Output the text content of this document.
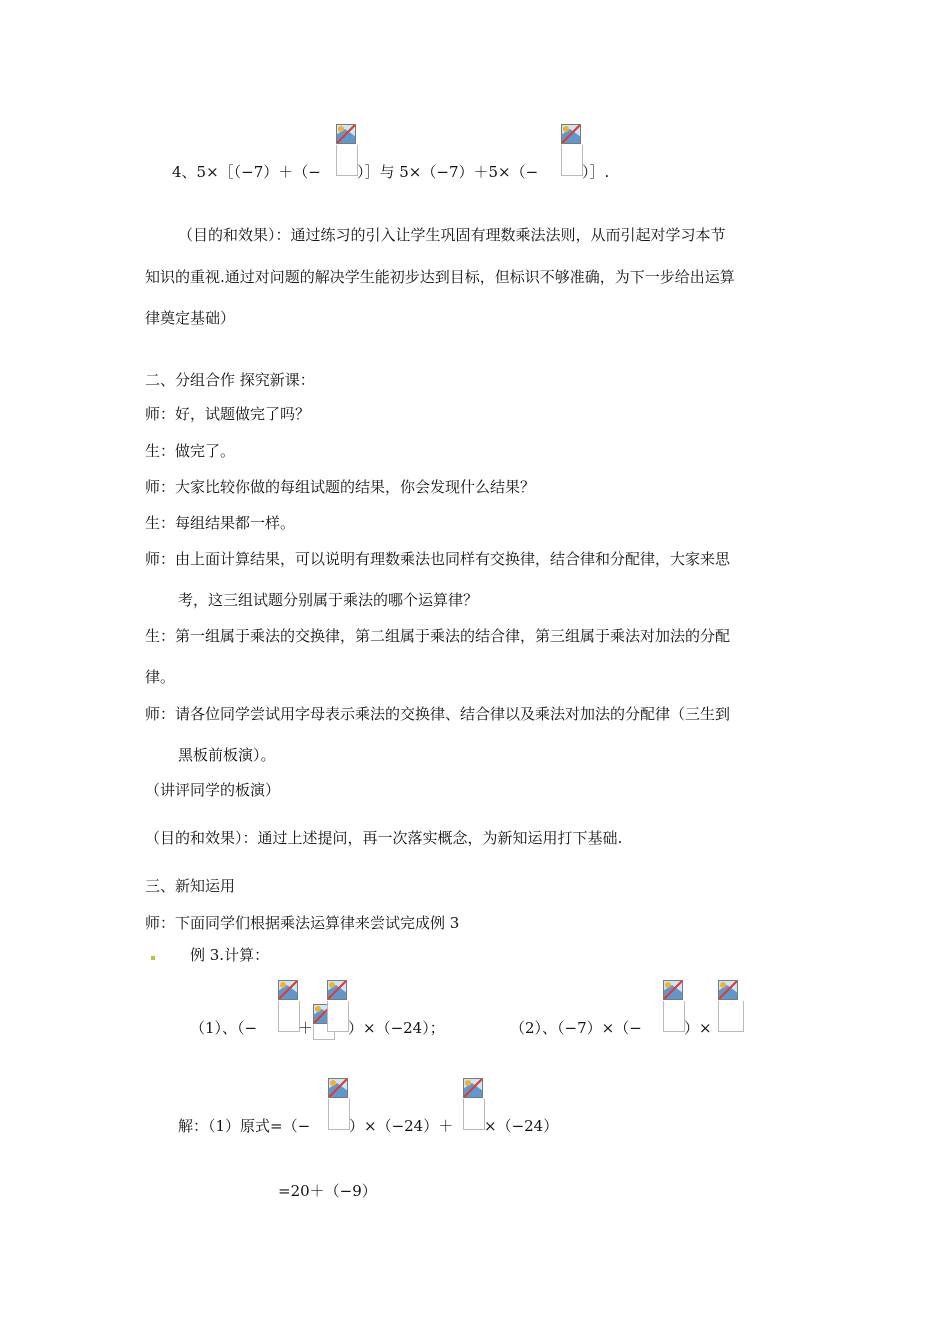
4、5×［（−7）＋（− ）］与 5×（−7）＋5×（−	）］.
（目的和效果）：通过练习的引入让学生巩固有理数乘法法则，从而引起对学习本节
知识的重视.通过对问题的解决学生能初步达到目标，但标识不够准确，为下一步给出运算
律奠定基础）
二、分组合作 探究新课：
师：好，试题做完了吗？
生：做完了。
师：大家比较你做的每组试题的结果，你会发现什么结果？
生：每组结果都一样。
师：由上面计算结果，可以说明有理数乘法也同样有交换律，结合律和分配律，大家来思
考，这三组试题分别属于乘法的哪个运算律？
生：第一组属于乘法的交换律，第二组属于乘法的结合律，第三组属于乘法对加法的分配
律。
师：请各位同学尝试用字母表示乘法的交换律、结合律以及乘法对加法的分配律（三生到
黑板前板演）。
（讲评同学的板演）
（目的和效果）：通过上述提问，再一次落实概念，为新知运用打下基础.
三、新知运用
师：下面同学们根据乘法运算律来尝试完成例 3
例 3.计算：
（1）、（−	＋ ）×（−24）；	（2）、（−7）×（−	）×
解：（1）原式=（−	）×（−24）＋ ×（−24）
=20＋（−9）
